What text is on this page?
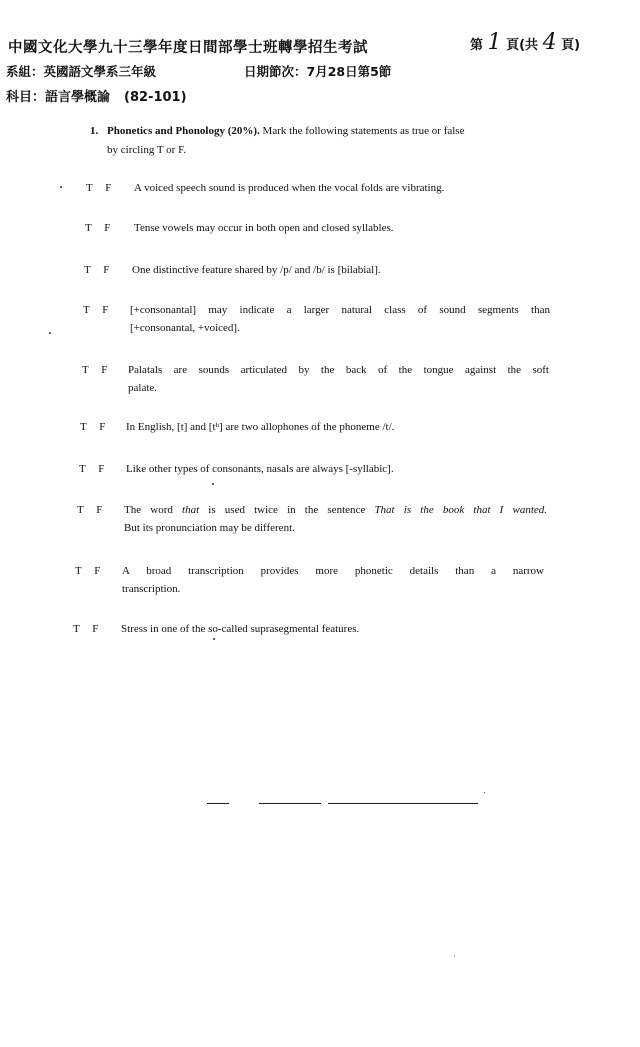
中國文化大學九十三學年度日間部學士班轉學招生考試	第 1 頁(共 4 頁)
系組：英國語文學系三年級	日期節次：7月28日第5節
科目：語言學概論 (82-101)
1. Phonetics and Phonology (20%). Mark the following statements as true or false
by circling T or F.
T F A voiced speech sound is produced when the vocal folds are vibrating.
T F Tense vowels may occur in both open and closed syllables.
T F One distinctive feature shared by /p/ and /b/ is [bilabial].
T F [+consonantal] may indicate a larger natural class of sound segments than
[+consonantal, +voiced].
T F Palatals are sounds articulated by the back of the tongue against the soft
palate.
T F In English, [t] and [tʰ] are two allophones of the phoneme /t/.
T F Like other types of consonants, nasals are always [-syllabic].
T F The word that is used twice in the sentence That is the book that I wanted.
But its pronunciation may be different.
T F A broad transcription provides more phonetic details than a narrow
transcription.
T F Stress in one of the so-called suprasegmental features.
